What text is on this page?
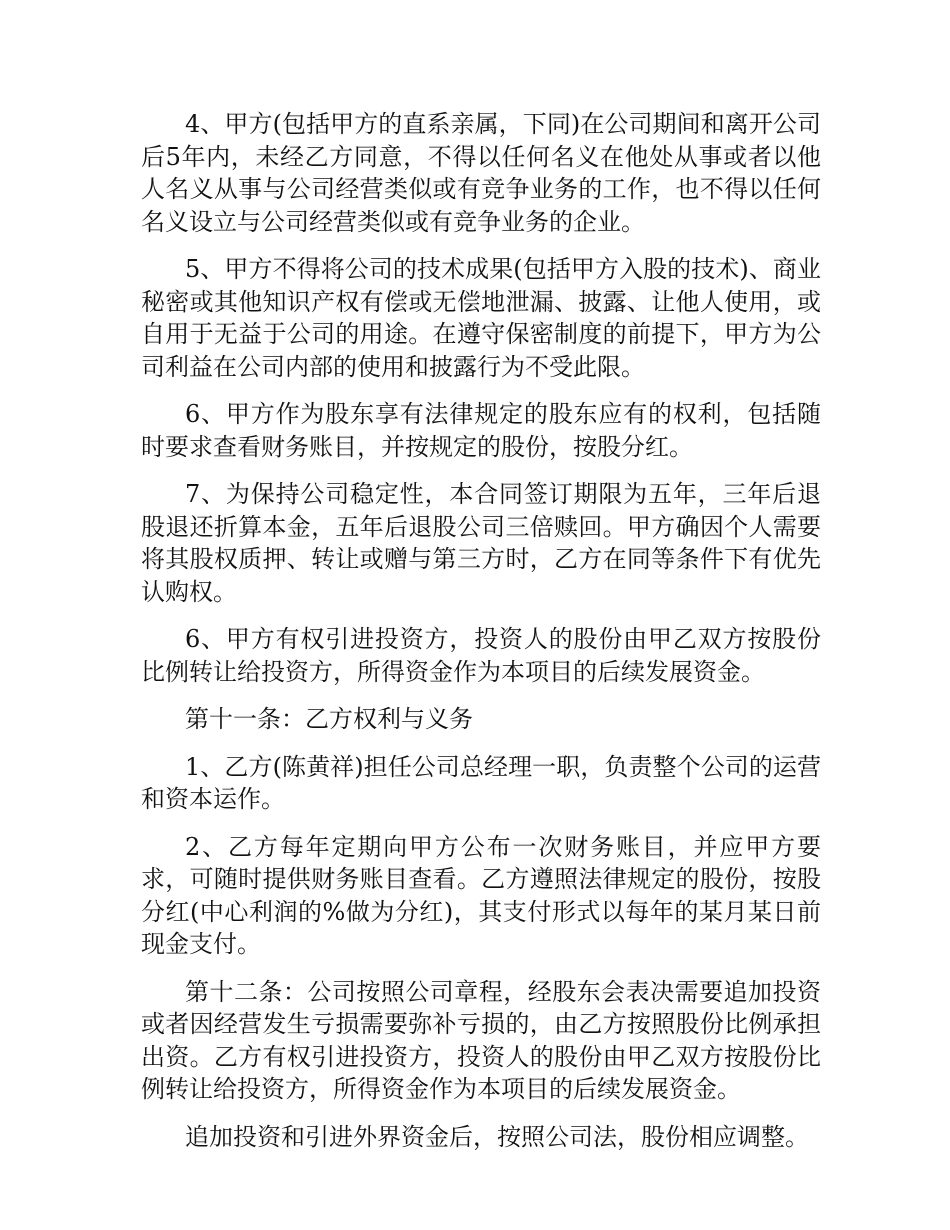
4、甲方(包括甲方的直系亲属，下同)在公司期间和离开公司后5年内，未经乙方同意，不得以任何名义在他处从事或者以他人名义从事与公司经营类似或有竞争业务的工作，也不得以任何名义设立与公司经营类似或有竞争业务的企业。

5、甲方不得将公司的技术成果(包括甲方入股的技术)、商业秘密或其他知识产权有偿或无偿地泄漏、披露、让他人使用，或自用于无益于公司的用途。在遵守保密制度的前提下，甲方为公司利益在公司内部的使用和披露行为不受此限。

6、甲方作为股东享有法律规定的股东应有的权利，包括随时要求查看财务账目，并按规定的股份，按股分红。

7、为保持公司稳定性，本合同签订期限为五年，三年后退股退还折算本金，五年后退股公司三倍赎回。甲方确因个人需要将其股权质押、转让或赠与第三方时，乙方在同等条件下有优先认购权。

6、甲方有权引进投资方，投资人的股份由甲乙双方按股份比例转让给投资方，所得资金作为本项目的后续发展资金。

第十一条：乙方权利与义务

1、乙方(陈黄祥)担任公司总经理一职，负责整个公司的运营和资本运作。

2、乙方每年定期向甲方公布一次财务账目，并应甲方要求，可随时提供财务账目查看。乙方遵照法律规定的股份，按股分红(中心利润的%做为分红)，其支付形式以每年的某月某日前现金支付。

第十二条：公司按照公司章程，经股东会表决需要追加投资或者因经营发生亏损需要弥补亏损的，由乙方按照股份比例承担出资。乙方有权引进投资方，投资人的股份由甲乙双方按股份比例转让给投资方，所得资金作为本项目的后续发展资金。

追加投资和引进外界资金后，按照公司法，股份相应调整。
